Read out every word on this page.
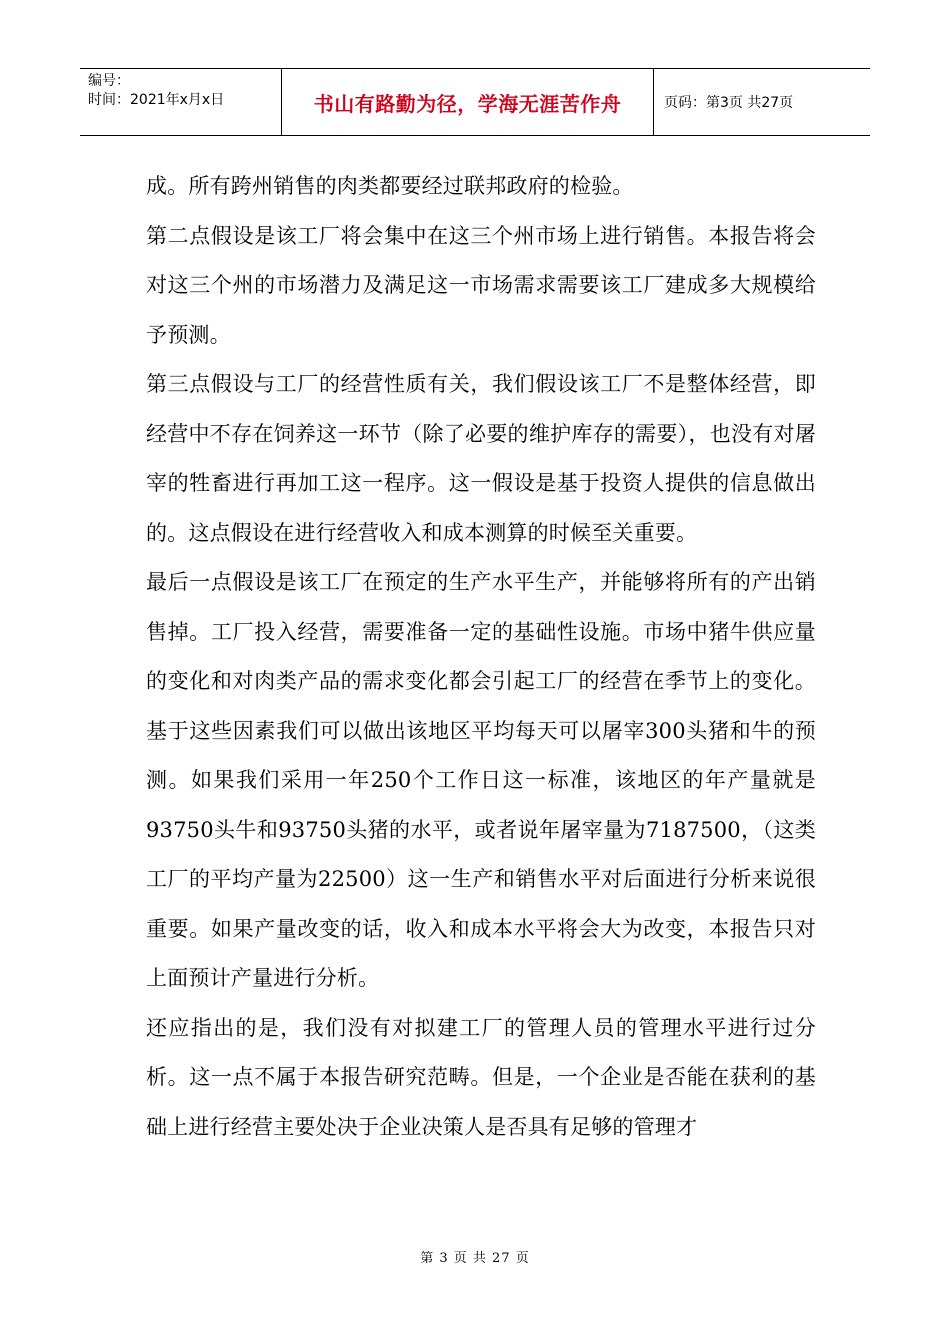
编号：
时间：2021年x月x日	书山有路勤为径，学海无涯苦作舟	页码：第3页 共27页

成。所有跨州销售的肉类都要经过联邦政府的检验。

第二点假设是该工厂将会集中在这三个州市场上进行销售。本报告将会对这三个州的市场潜力及满足这一市场需求需要该工厂建成多大规模给予预测。

第三点假设与工厂的经营性质有关，我们假设该工厂不是整体经营，即经营中不存在饲养这一环节（除了必要的维护库存的需要），也没有对屠宰的牲畜进行再加工这一程序。这一假设是基于投资人提供的信息做出的。这点假设在进行经营收入和成本测算的时候至关重要。

最后一点假设是该工厂在预定的生产水平生产，并能够将所有的产出销售掉。工厂投入经营，需要准备一定的基础性设施。市场中猪牛供应量的变化和对肉类产品的需求变化都会引起工厂的经营在季节上的变化。基于这些因素我们可以做出该地区平均每天可以屠宰300头猪和牛的预测。如果我们采用一年250个工作日这一标准，该地区的年产量就是93750头牛和93750头猪的水平，或者说年屠宰量为7187500，（这类工厂的平均产量为22500）这一生产和销售水平对后面进行分析来说很重要。如果产量改变的话，收入和成本水平将会大为改变，本报告只对上面预计产量进行分析。

还应指出的是，我们没有对拟建工厂的管理人员的管理水平进行过分析。这一点不属于本报告研究范畴。但是，一个企业是否能在获利的基础上进行经营主要处决于企业决策人是否具有足够的管理才

第 3 页 共 27 页
